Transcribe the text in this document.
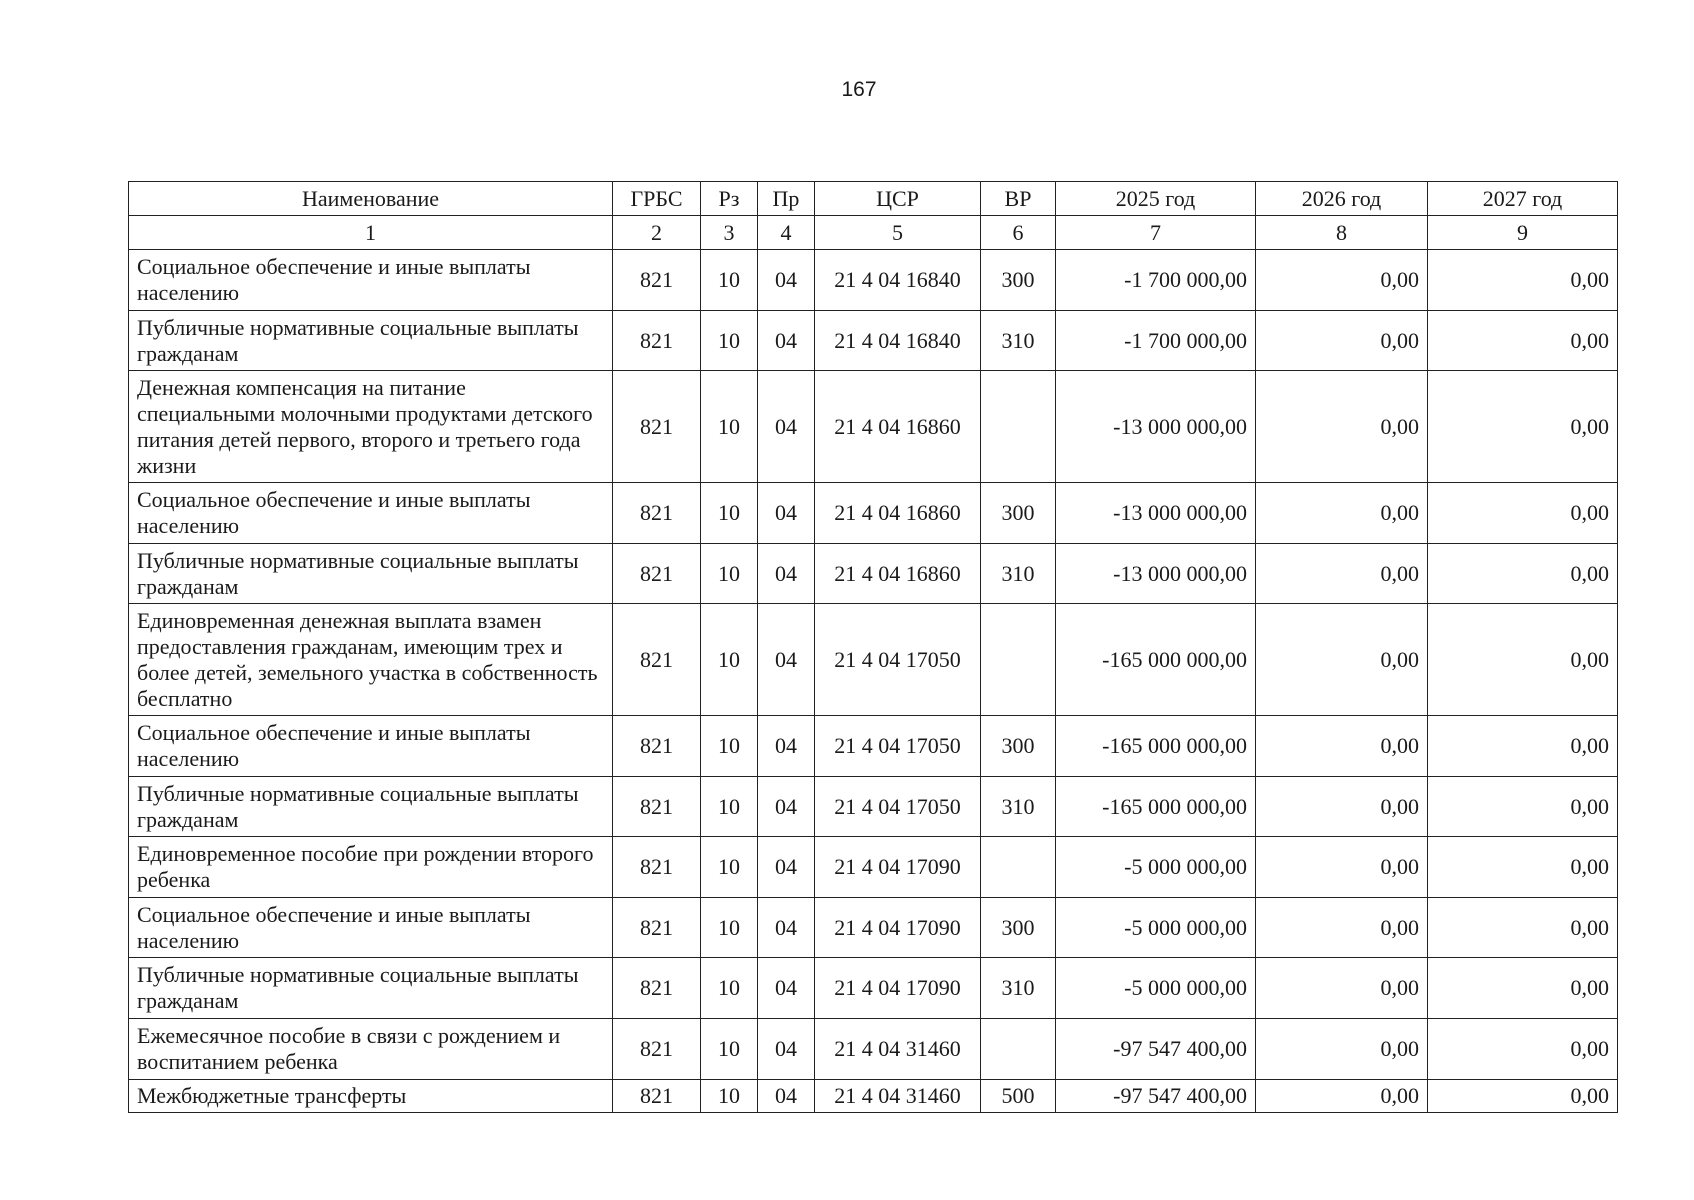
167
Наименование	ГРБС	Рз	Пр	ЦСР	ВР	2025 год	2026 год	2027 год
1	2	3	4	5	6	7	8	9
Социальное обеспечение и иные выплаты населению	821	10	04	21 4 04 16840	300	-1 700 000,00	0,00	0,00
Публичные нормативные социальные выплаты гражданам	821	10	04	21 4 04 16840	310	-1 700 000,00	0,00	0,00
Денежная компенсация на питание специальными молочными продуктами детского питания детей первого, второго и третьего года жизни	821	10	04	21 4 04 16860		-13 000 000,00	0,00	0,00
Социальное обеспечение и иные выплаты населению	821	10	04	21 4 04 16860	300	-13 000 000,00	0,00	0,00
Публичные нормативные социальные выплаты гражданам	821	10	04	21 4 04 16860	310	-13 000 000,00	0,00	0,00
Единовременная денежная выплата взамен предоставления гражданам, имеющим трех и более детей, земельного участка в собственность бесплатно	821	10	04	21 4 04 17050		-165 000 000,00	0,00	0,00
Социальное обеспечение и иные выплаты населению	821	10	04	21 4 04 17050	300	-165 000 000,00	0,00	0,00
Публичные нормативные социальные выплаты гражданам	821	10	04	21 4 04 17050	310	-165 000 000,00	0,00	0,00
Единовременное пособие при рождении второго ребенка	821	10	04	21 4 04 17090		-5 000 000,00	0,00	0,00
Социальное обеспечение и иные выплаты населению	821	10	04	21 4 04 17090	300	-5 000 000,00	0,00	0,00
Публичные нормативные социальные выплаты гражданам	821	10	04	21 4 04 17090	310	-5 000 000,00	0,00	0,00
Ежемесячное пособие в связи с рождением и воспитанием ребенка	821	10	04	21 4 04 31460		-97 547 400,00	0,00	0,00
Межбюджетные трансферты	821	10	04	21 4 04 31460	500	-97 547 400,00	0,00	0,00
